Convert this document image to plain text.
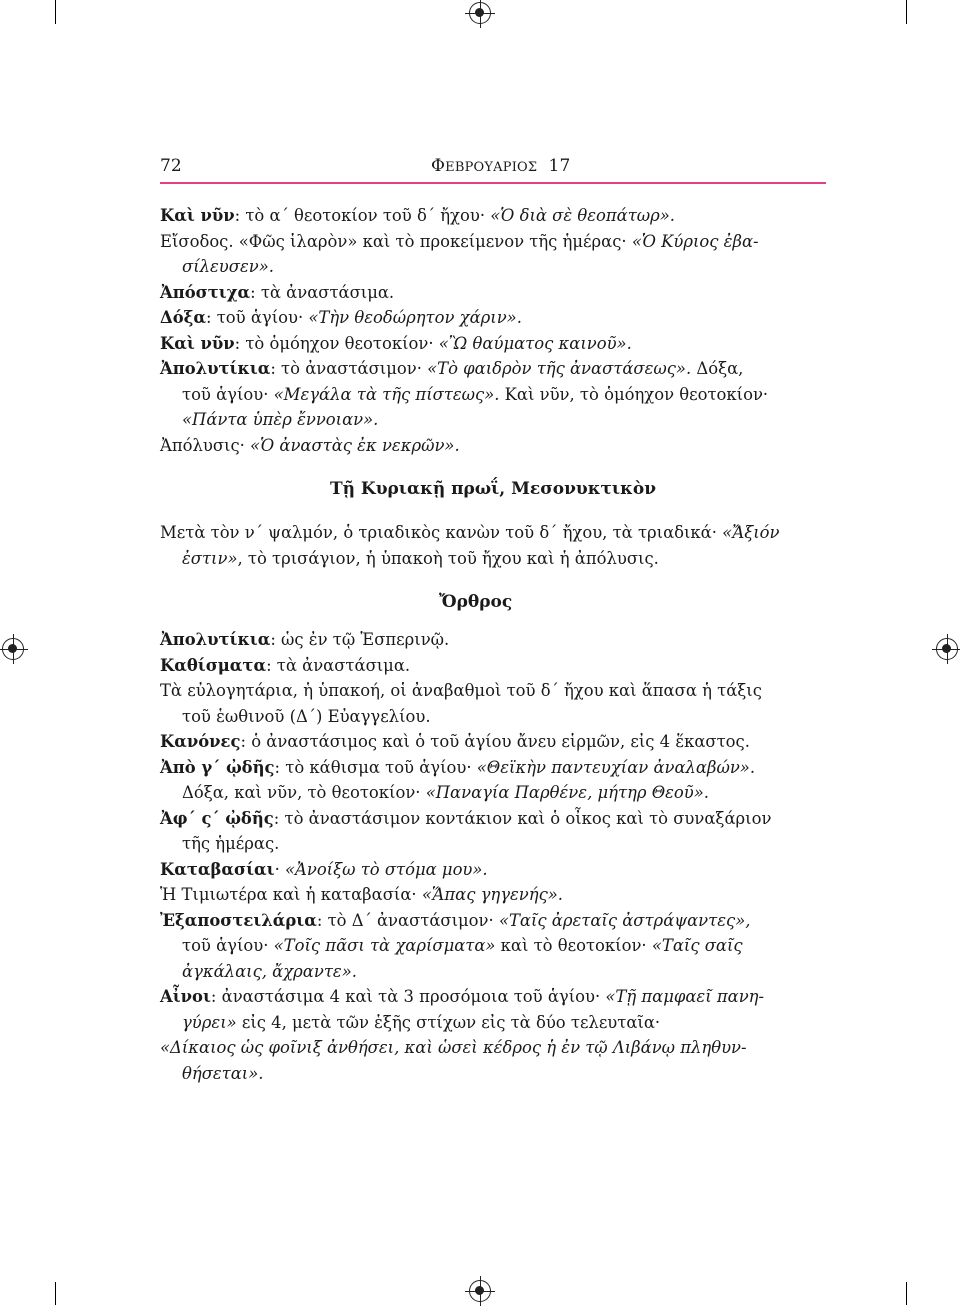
72	ΦΕΒΡΟΥΑΡΙΟΣ 17
Καὶ νῦν: τὸ α΄ θεοτοκίον τοῦ δ΄ ἤχου· «Ὁ διὰ σὲ θεοπάτωρ».
Εἴσοδος. «Φῶς ἱλαρὸν» καὶ τὸ προκείμενον τῆς ἡμέρας· «Ὁ Κύριος ἐβα-
σίλευσεν».
Ἀπόστιχα: τὰ ἀναστάσιμα.
Δόξα: τοῦ ἁγίου· «Τὴν θεοδώρητον χάριν».
Καὶ νῦν: τὸ ὁμόηχον θεοτοκίον· «Ὢ θαύματος καινοῦ».
Ἀπολυτίκια: τὸ ἀναστάσιμον· «Τὸ φαιδρὸν τῆς ἀναστάσεως». Δόξα,
τοῦ ἁγίου· «Μεγάλα τὰ τῆς πίστεως». Καὶ νῦν, τὸ ὁμόηχον θεοτοκίον·
«Πάντα ὑπὲρ ἔννοιαν».
Ἀπόλυσις· «Ὁ ἀναστὰς ἐκ νεκρῶν».
Τῇ Κυριακῇ πρωΐ, Μεσονυκτικὸν
Μετὰ τὸν ν΄ ψαλμόν, ὁ τριαδικὸς κανὼν τοῦ δ΄ ἤχου, τὰ τριαδικά· «Ἄξιόν
ἐστιν», τὸ τρισάγιον, ἡ ὑπακοὴ τοῦ ἤχου καὶ ἡ ἀπόλυσις.
Ὄρθρος
Ἀπολυτίκια: ὡς ἐν τῷ Ἑσπερινῷ.
Καθίσματα: τὰ ἀναστάσιμα.
Τὰ εὐλογητάρια, ἡ ὑπακοή, οἱ ἀναβαθμοὶ τοῦ δ΄ ἤχου καὶ ἅπασα ἡ τάξις
τοῦ ἑωθινοῦ (Δ΄) Εὐαγγελίου.
Κανόνες: ὁ ἀναστάσιμος καὶ ὁ τοῦ ἁγίου ἄνευ εἱρμῶν, εἰς 4 ἕκαστος.
Ἀπὸ γ΄ ᾠδῆς: τὸ κάθισμα τοῦ ἁγίου· «Θεϊκὴν παντευχίαν ἀναλαβών».
Δόξα, καὶ νῦν, τὸ θεοτοκίον· «Παναγία Παρθένε, μήτηρ Θεοῦ».
Ἀφ΄ ς΄ ᾠδῆς: τὸ ἀναστάσιμον κοντάκιον καὶ ὁ οἶκος καὶ τὸ συναξάριον
τῆς ἡμέρας.
Καταβασίαι· «Ἀνοίξω τὸ στόμα μου».
Ἡ Τιμιωτέρα καὶ ἡ καταβασία· «Ἅπας γηγενής».
Ἐξαποστειλάρια: τὸ Δ΄ ἀναστάσιμον· «Ταῖς ἀρεταῖς ἀστράψαντες»,
τοῦ ἁγίου· «Τοῖς πᾶσι τὰ χαρίσματα» καὶ τὸ θεοτοκίον· «Ταῖς σαῖς
ἀγκάλαις, ἄχραντε».
Αἶνοι: ἀναστάσιμα 4 καὶ τὰ 3 προσόμοια τοῦ ἁγίου· «Τῇ παμφαεῖ πανη-
γύρει» εἰς 4, μετὰ τῶν ἑξῆς στίχων εἰς τὰ δύο τελευταῖα·
«Δίκαιος ὡς φοῖνιξ ἀνθήσει, καὶ ὡσεὶ κέδρος ἡ ἐν τῷ Λιβάνῳ πληθυν-
θήσεται».
